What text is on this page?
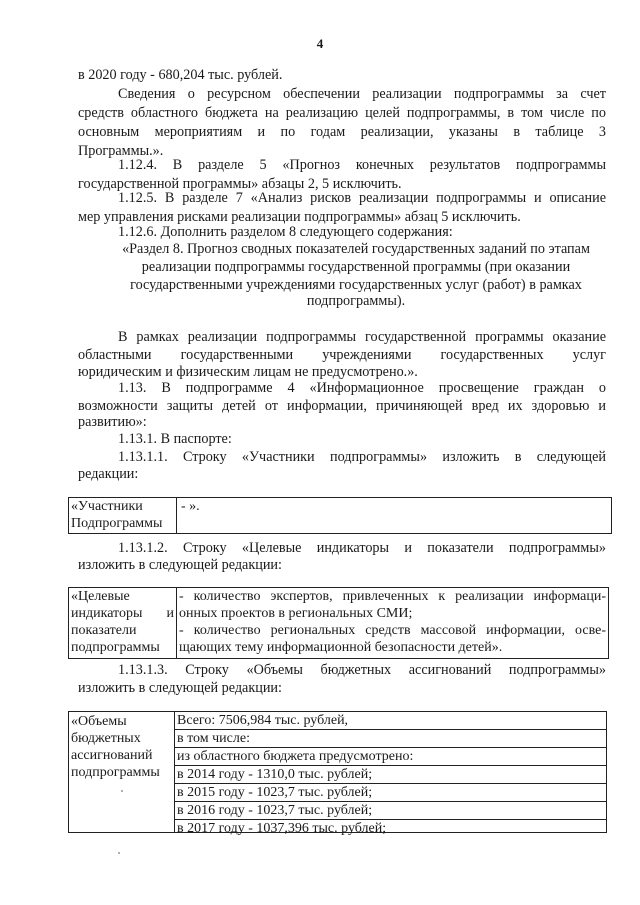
4

в 2020 году - 680,204 тыс. рублей.

Сведения о ресурсном обеспечении реализации подпрограммы за счет

средств областного бюджета на реализацию целей подпрограммы, в том числе по

основным мероприятиям и по годам реализации, указаны в таблице 3

Программы.».

1.12.4. В разделе 5 «Прогноз конечных результатов подпрограммы

государственной программы» абзацы 2, 5 исключить.

1.12.5. В разделе 7 «Анализ рисков реализации подпрограммы и описание

мер управления рисками реализации подпрограммы» абзац 5 исключить.

1.12.6. Дополнить разделом 8 следующего содержания:

«Раздел 8. Прогноз сводных показателей государственных заданий по этапам

реализации подпрограммы государственной программы (при оказании

государственными учреждениями государственных услуг (работ) в рамках

подпрограммы).

В рамках реализации подпрограммы государственной программы оказание

областными государственными учреждениями государственных услуг

юридическим и физическим лицам не предусмотрено.».

1.13. В подпрограмме 4 «Информационное просвещение граждан о

возможности защиты детей от информации, причиняющей вред их здоровью и

развитию»:

1.13.1. В паспорте:

1.13.1.1. Строку «Участники подпрограммы» изложить в следующей

редакции:

«Участники
Подпрограммы
- ».

1.13.1.2. Строку «Целевые индикаторы и показатели подпрограммы»

изложить в следующей редакции:

«Целевые
индикаторы и
показатели
подпрограммы
- количество экспертов, привлеченных к реализации информаци-
онных проектов в региональных СМИ;
- количество региональных средств массовой информации, осве-
щающих тему информационной безопасности детей».

1.13.1.3. Строку «Объемы бюджетных ассигнований подпрограммы»

изложить в следующей редакции:

«Объемы
бюджетных
ассигнований
подпрограммы
Всего: 7506,984 тыс. рублей,
в том числе:
из областного бюджета предусмотрено:
в 2014 году - 1310,0 тыс. рублей;
в 2015 году - 1023,7 тыс. рублей;
в 2016 году - 1023,7 тыс. рублей;
в 2017 году - 1037,396 тыс. рублей;
